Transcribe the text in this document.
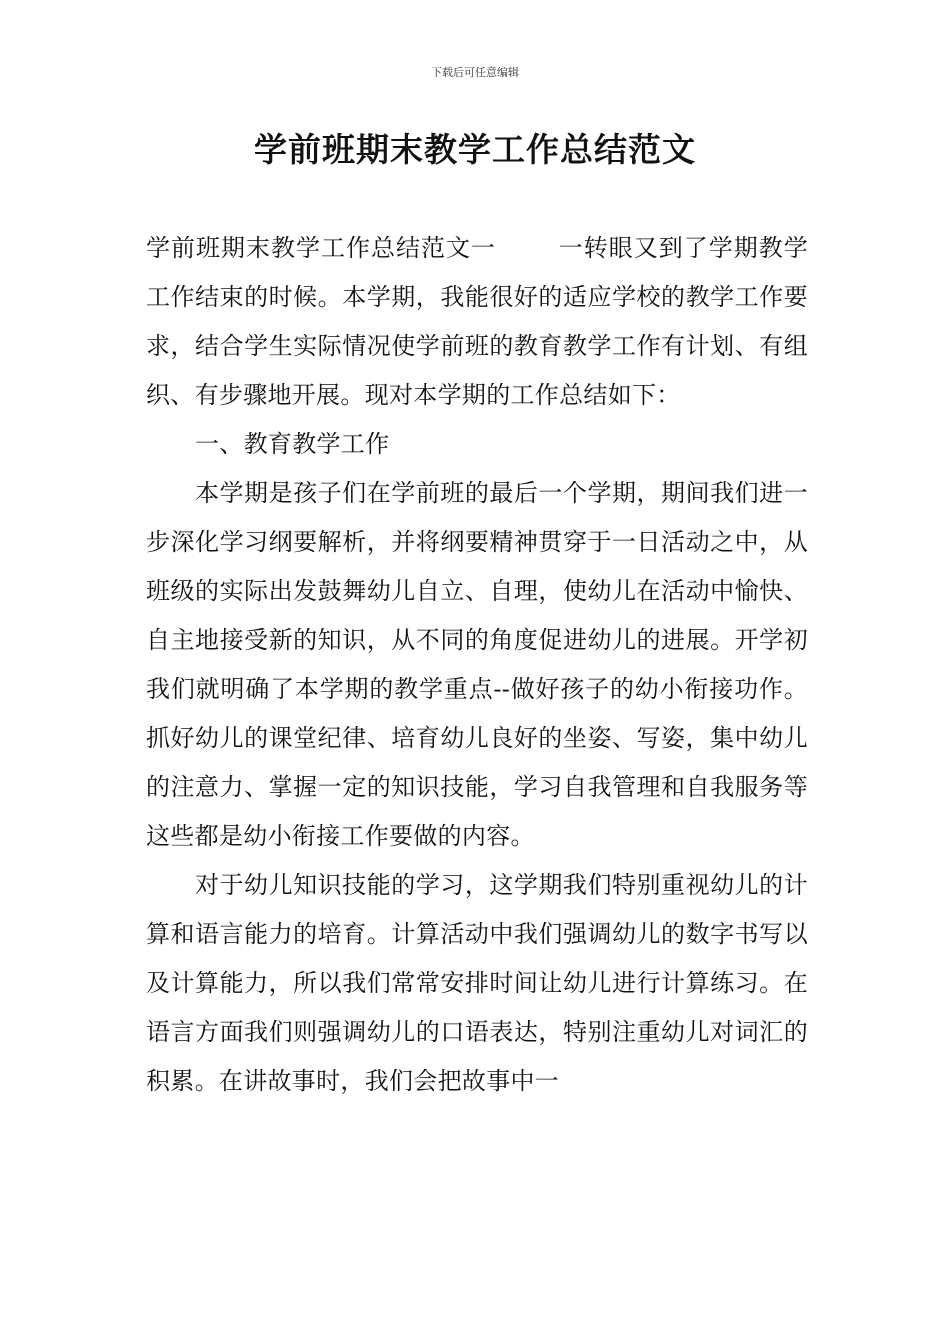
下载后可任意编辑
学前班期末教学工作总结范文

学前班期末教学工作总结范文一	一转眼又到了学期教学工作结束的时候。本学期，我能很好的适应学校的教学工作要求，结合学生实际情况使学前班的教育教学工作有计划、有组织、有步骤地开展。现对本学期的工作总结如下：

一、教育教学工作

本学期是孩子们在学前班的最后一个学期，期间我们进一步深化学习纲要解析，并将纲要精神贯穿于一日活动之中，从班级的实际出发鼓舞幼儿自立、自理，使幼儿在活动中愉快、自主地接受新的知识，从不同的角度促进幼儿的进展。开学初我们就明确了本学期的教学重点--做好孩子的幼小衔接功作。抓好幼儿的课堂纪律、培育幼儿良好的坐姿、写姿，集中幼儿的注意力、掌握一定的知识技能，学习自我管理和自我服务等这些都是幼小衔接工作要做的内容。

对于幼儿知识技能的学习，这学期我们特别重视幼儿的计算和语言能力的培育。计算活动中我们强调幼儿的数字书写以及计算能力，所以我们常常安排时间让幼儿进行计算练习。在语言方面我们则强调幼儿的口语表达，特别注重幼儿对词汇的积累。在讲故事时，我们会把故事中一
